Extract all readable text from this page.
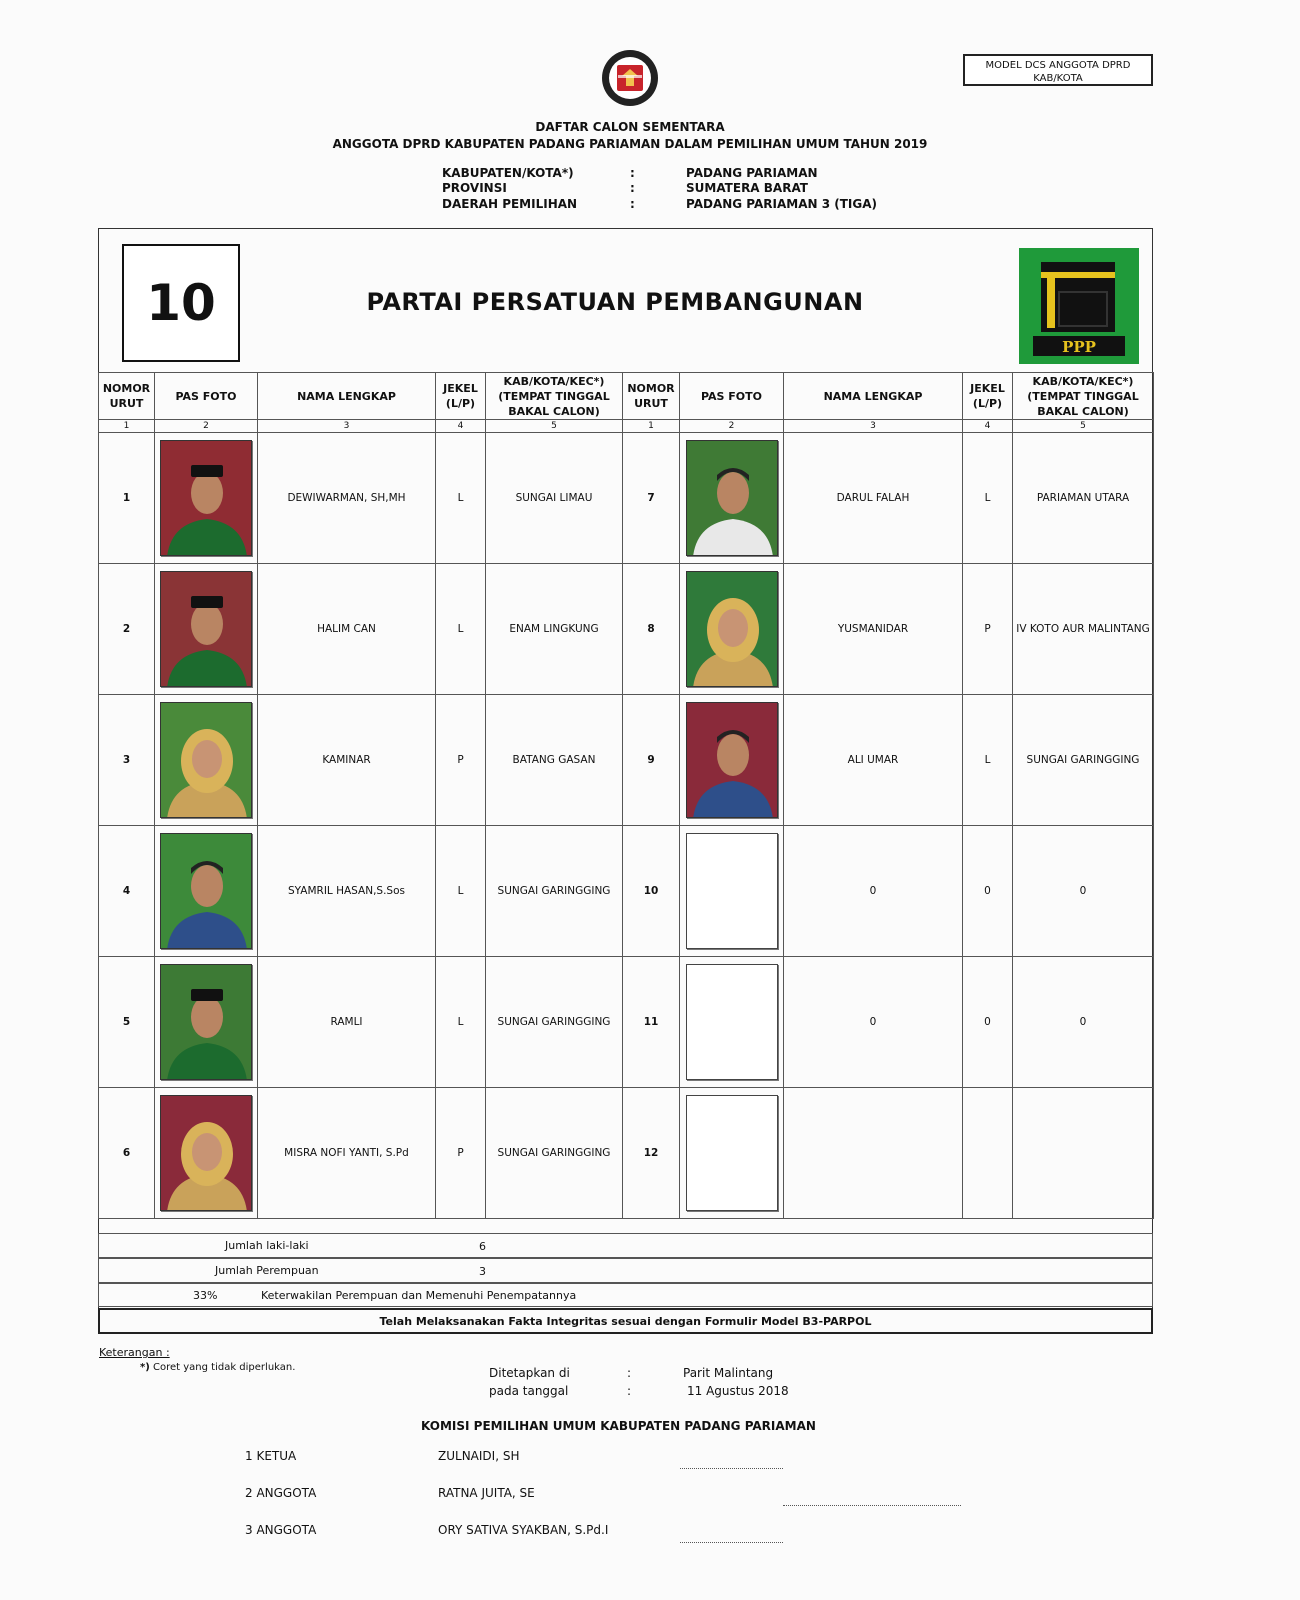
MODEL DCS ANGGOTA DPRD
KAB/KOTA
DAFTAR CALON SEMENTARA
ANGGOTA DPRD KABUPATEN PADANG PARIAMAN DALAM PEMILIHAN UMUM TAHUN 2019
KABUPATEN/KOTA*)	:	PADANG PARIAMAN
PROVINSI	:	SUMATERA BARAT
DAERAH PEMILIHAN	:	PADANG PARIAMAN 3 (TIGA)
10	PARTAI PERSATUAN PEMBANGUNAN
PPP
NOMOR URUT	PAS FOTO	NAMA LENGKAP	JEKEL (L/P)	KAB/KOTA/KEC*) (TEMPAT TINGGAL BAKAL CALON)	NOMOR URUT	PAS FOTO	NAMA LENGKAP	JEKEL (L/P)	KAB/KOTA/KEC*) (TEMPAT TINGGAL BAKAL CALON)
1	2	3	4	5	1	2	3	4	5
1		DEWIWARMAN, SH,MH	L	SUNGAI LIMAU	7		DARUL FALAH	L	PARIAMAN UTARA
2		HALIM CAN	L	ENAM LINGKUNG	8		YUSMANIDAR	P	IV KOTO AUR MALINTANG
3		KAMINAR	P	BATANG GASAN	9		ALI UMAR	L	SUNGAI GARINGGING
4		SYAMRIL HASAN,S.Sos	L	SUNGAI GARINGGING	10		0	0	0
5		RAMLI	L	SUNGAI GARINGGING	11		0	0	0
6		MISRA NOFI YANTI, S.Pd	P	SUNGAI GARINGGING	12	

Jumlah laki-laki	6
Jumlah Perempuan	3
33%	Keterwakilan Perempuan dan Memenuhi Penempatannya
Telah Melaksanakan Fakta Integritas sesuai dengan Formulir Model B3-PARPOL
Keterangan :
*) Coret yang tidak diperlukan.	Ditetapkan di	:	Parit Malintang
pada tanggal	:	11 Agustus 2018
KOMISI PEMILIHAN UMUM KABUPATEN PADANG PARIAMAN
1 KETUA	ZULNAIDI, SH
2 ANGGOTA	RATNA JUITA, SE
3 ANGGOTA	ORY SATIVA SYAKBAN, S.Pd.I
